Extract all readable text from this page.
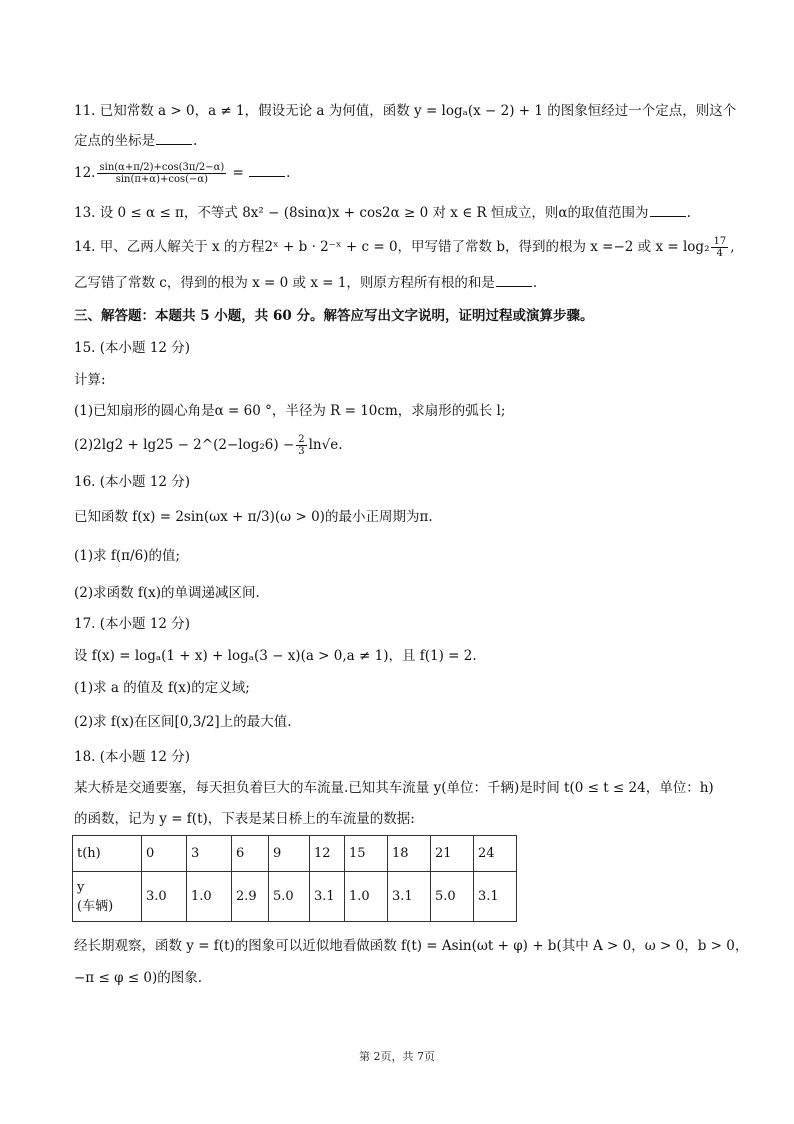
11. 已知常数 a > 0，a ≠ 1，假设无论 a 为何值，函数 y = logₐ(x − 2) + 1 的图象恒经过一个定点，则这个
定点的坐标是	.
12. $\frac{\sin(\alpha+\pi/2)+\cos(3\pi/2-\alpha)}{\sin(\pi+\alpha)+\cos(-\alpha)}$ =	.
13. 设 0 ≤ α ≤ π，不等式 8x² − (8sinα)x + cos2α ≥ 0 对 x ∈ R 恒成立，则α的取值范围为	.
14. 甲、乙两人解关于 x 的方程2ˣ + b · 2⁻ˣ + c = 0，甲写错了常数 b，得到的根为 x =−2 或 $x = \log_2 \frac{17}{4}$ ,
乙写错了常数 c，得到的根为 x = 0 或 x = 1，则原方程所有根的和是	.
三、解答题：本题共 5 小题，共 60 分。解答应写出文字说明，证明过程或演算步骤。
15. (本小题 12 分)
计算:
(1)已知扇形的圆心角是α = 60 °，半径为 R = 10cm，求扇形的弧长 l;
(2)2lg2 + lg25 − 2^(2−log₂6) − $\frac{2}{3} \ln√e$.
16. (本小题 12 分)
已知函数 f(x) = 2sin(ωx + π/3)(ω > 0)的最小正周期为π.
(1)求 f(π/6)的值;
(2)求函数 f(x)的单调递减区间.
17. (本小题 12 分)
设 f(x) = logₐ(1 + x) + logₐ(3 − x)(a > 0,a ≠ 1)，且 f(1) = 2.
(1)求 a 的值及 f(x)的定义域;
(2)求 f(x)在区间[0,3/2]上的最大值.
18. (本小题 12 分)
某大桥是交通要塞，每天担负着巨大的车流量.已知其车流量 y(单位：千辆)是时间 t(0 ≤ t ≤ 24，单位：h)
的函数，记为 y = f(t)，下表是某日桥上的车流量的数据:
t(h)	0	3	6	9	12	15	18	21	24

y
(车辆)	3.0	1.0	2.9	5.0	3.1	1.0	3.1	5.0	3.1
经长期观察，函数 y = f(t)的图象可以近似地看做函数 f(t) = Asin(ωt + φ) + b(其中 A > 0，ω > 0，b > 0，
−π ≤ φ ≤ 0)的图象.
第 2页，共 7页
